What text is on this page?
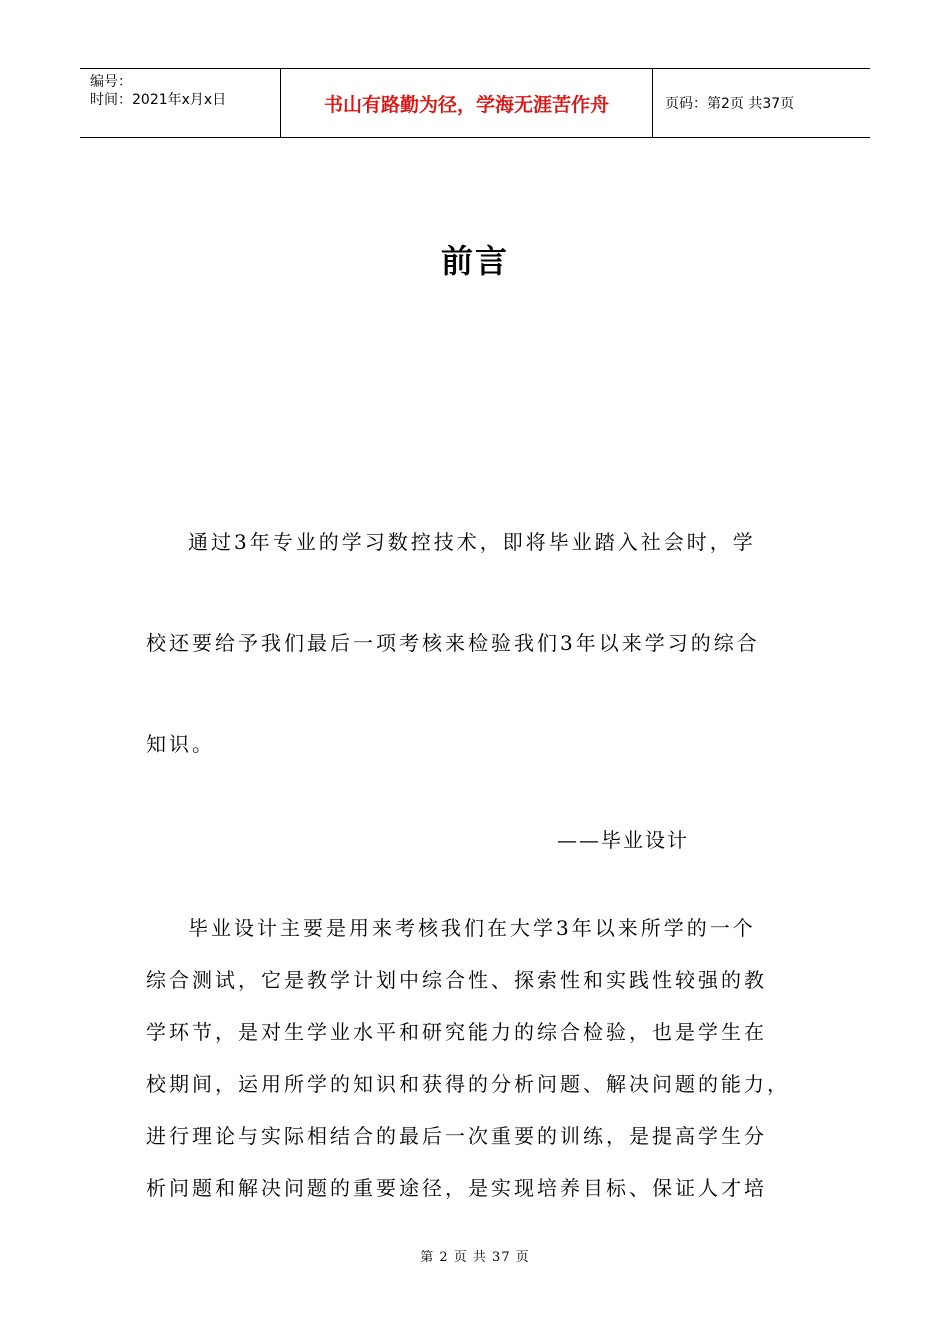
编号：
时间：2021年x月x日	书山有路勤为径，学海无涯苦作舟	页码：第2页 共37页
前言
通过3年专业的学习数控技术，即将毕业踏入社会时，学
校还要给予我们最后一项考核来检验我们3年以来学习的综合
知识。
——毕业设计
毕业设计主要是用来考核我们在大学3年以来所学的一个
综合测试，它是教学计划中综合性、探索性和实践性较强的教
学环节，是对生学业水平和研究能力的综合检验，也是学生在
校期间，运用所学的知识和获得的分析问题、解决问题的能力，
进行理论与实际相结合的最后一次重要的训练，是提高学生分
析问题和解决问题的重要途径，是实现培养目标、保证人才培
第 2 页 共 37 页
